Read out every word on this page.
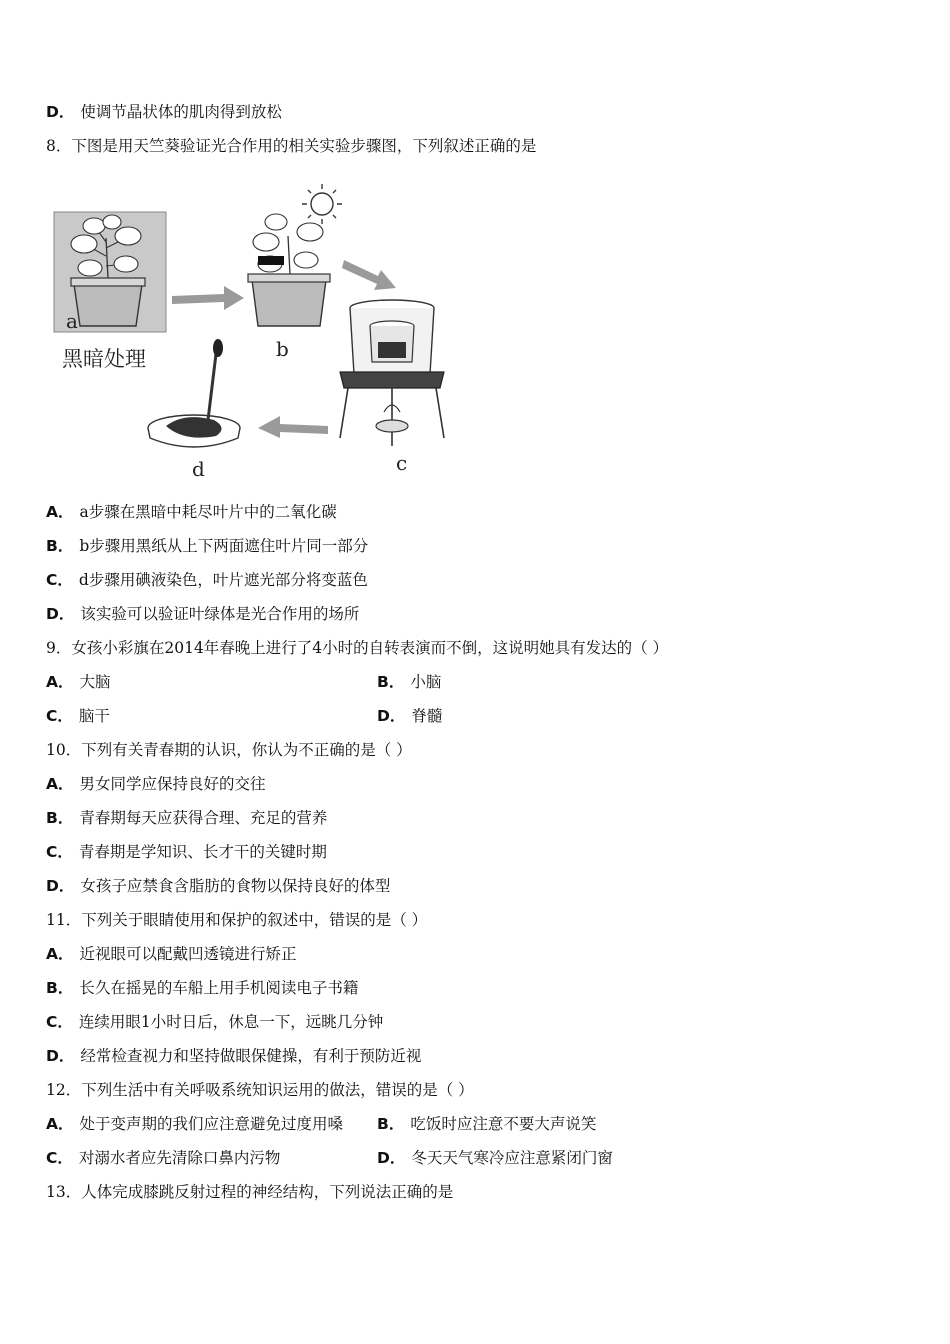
D． 使调节晶状体的肌肉得到放松
8．下图是用天竺葵验证光合作用的相关实验步骤图，下列叙述正确的是
a
黑暗处理	b
c
d
A． a步骤在黑暗中耗尽叶片中的二氧化碳
B． b步骤用黑纸从上下两面遮住叶片同一部分
C． d步骤用碘液染色，叶片遮光部分将变蓝色
D． 该实验可以验证叶绿体是光合作用的场所
9．女孩小彩旗在2014年春晚上进行了4小时的自转表演而不倒，这说明她具有发达的（ ）
A． 大脑	B． 小脑
C． 脑干	D． 脊髓
10．下列有关青春期的认识，你认为不正确的是（ ）
A． 男女同学应保持良好的交往
B． 青春期每天应获得合理、充足的营养
C． 青春期是学知识、长才干的关键时期
D． 女孩子应禁食含脂肪的食物以保持良好的体型
11．下列关于眼睛使用和保护的叙述中，错误的是（ ）
A． 近视眼可以配戴凹透镜进行矫正
B． 长久在摇晃的车船上用手机阅读电子书籍
C． 连续用眼1小时日后，休息一下，远眺几分钟
D． 经常检查视力和坚持做眼保健操，有利于预防近视
12．下列生活中有关呼吸系统知识运用的做法，错误的是（ ）
A． 处于变声期的我们应注意避免过度用嗓 B． 吃饭时应注意不要大声说笑
C． 对溺水者应先清除口鼻内污物	D． 冬天天气寒冷应注意紧闭门窗
13．人体完成膝跳反射过程的神经结构，下列说法正确的是
